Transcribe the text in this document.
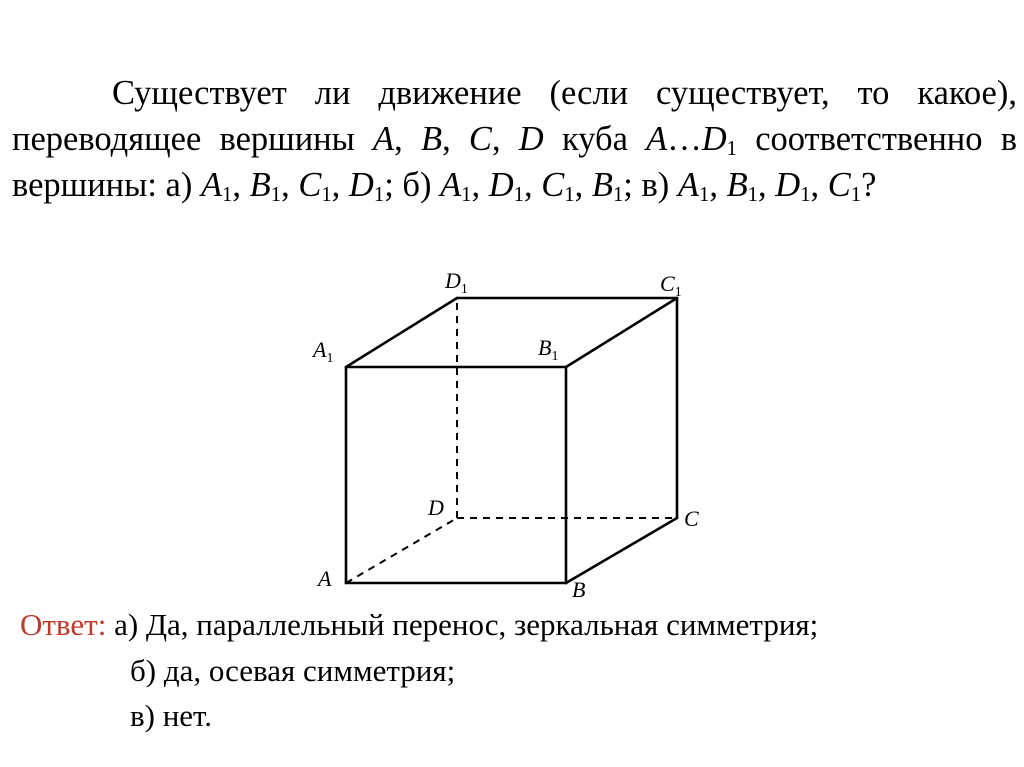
Существует ли движение (если существует, то какое), переводящее вершины A, B, C, D куба $A\dots D_1$ соответственно в вершины: а) $A_1$, $B_1$, $C_1$, $D_1$; б) $A_1$, $D_1$, $C_1$, $B_1$; в) $A_1$, $B_1$, $D_1$, $C_1$?

$D_1$	$C_1$
$A_1$	$B_1$
D	C
A	B
Ответ: а) Да, параллельный перенос, зеркальная симметрия;
б) да, осевая симметрия;
в) нет.
